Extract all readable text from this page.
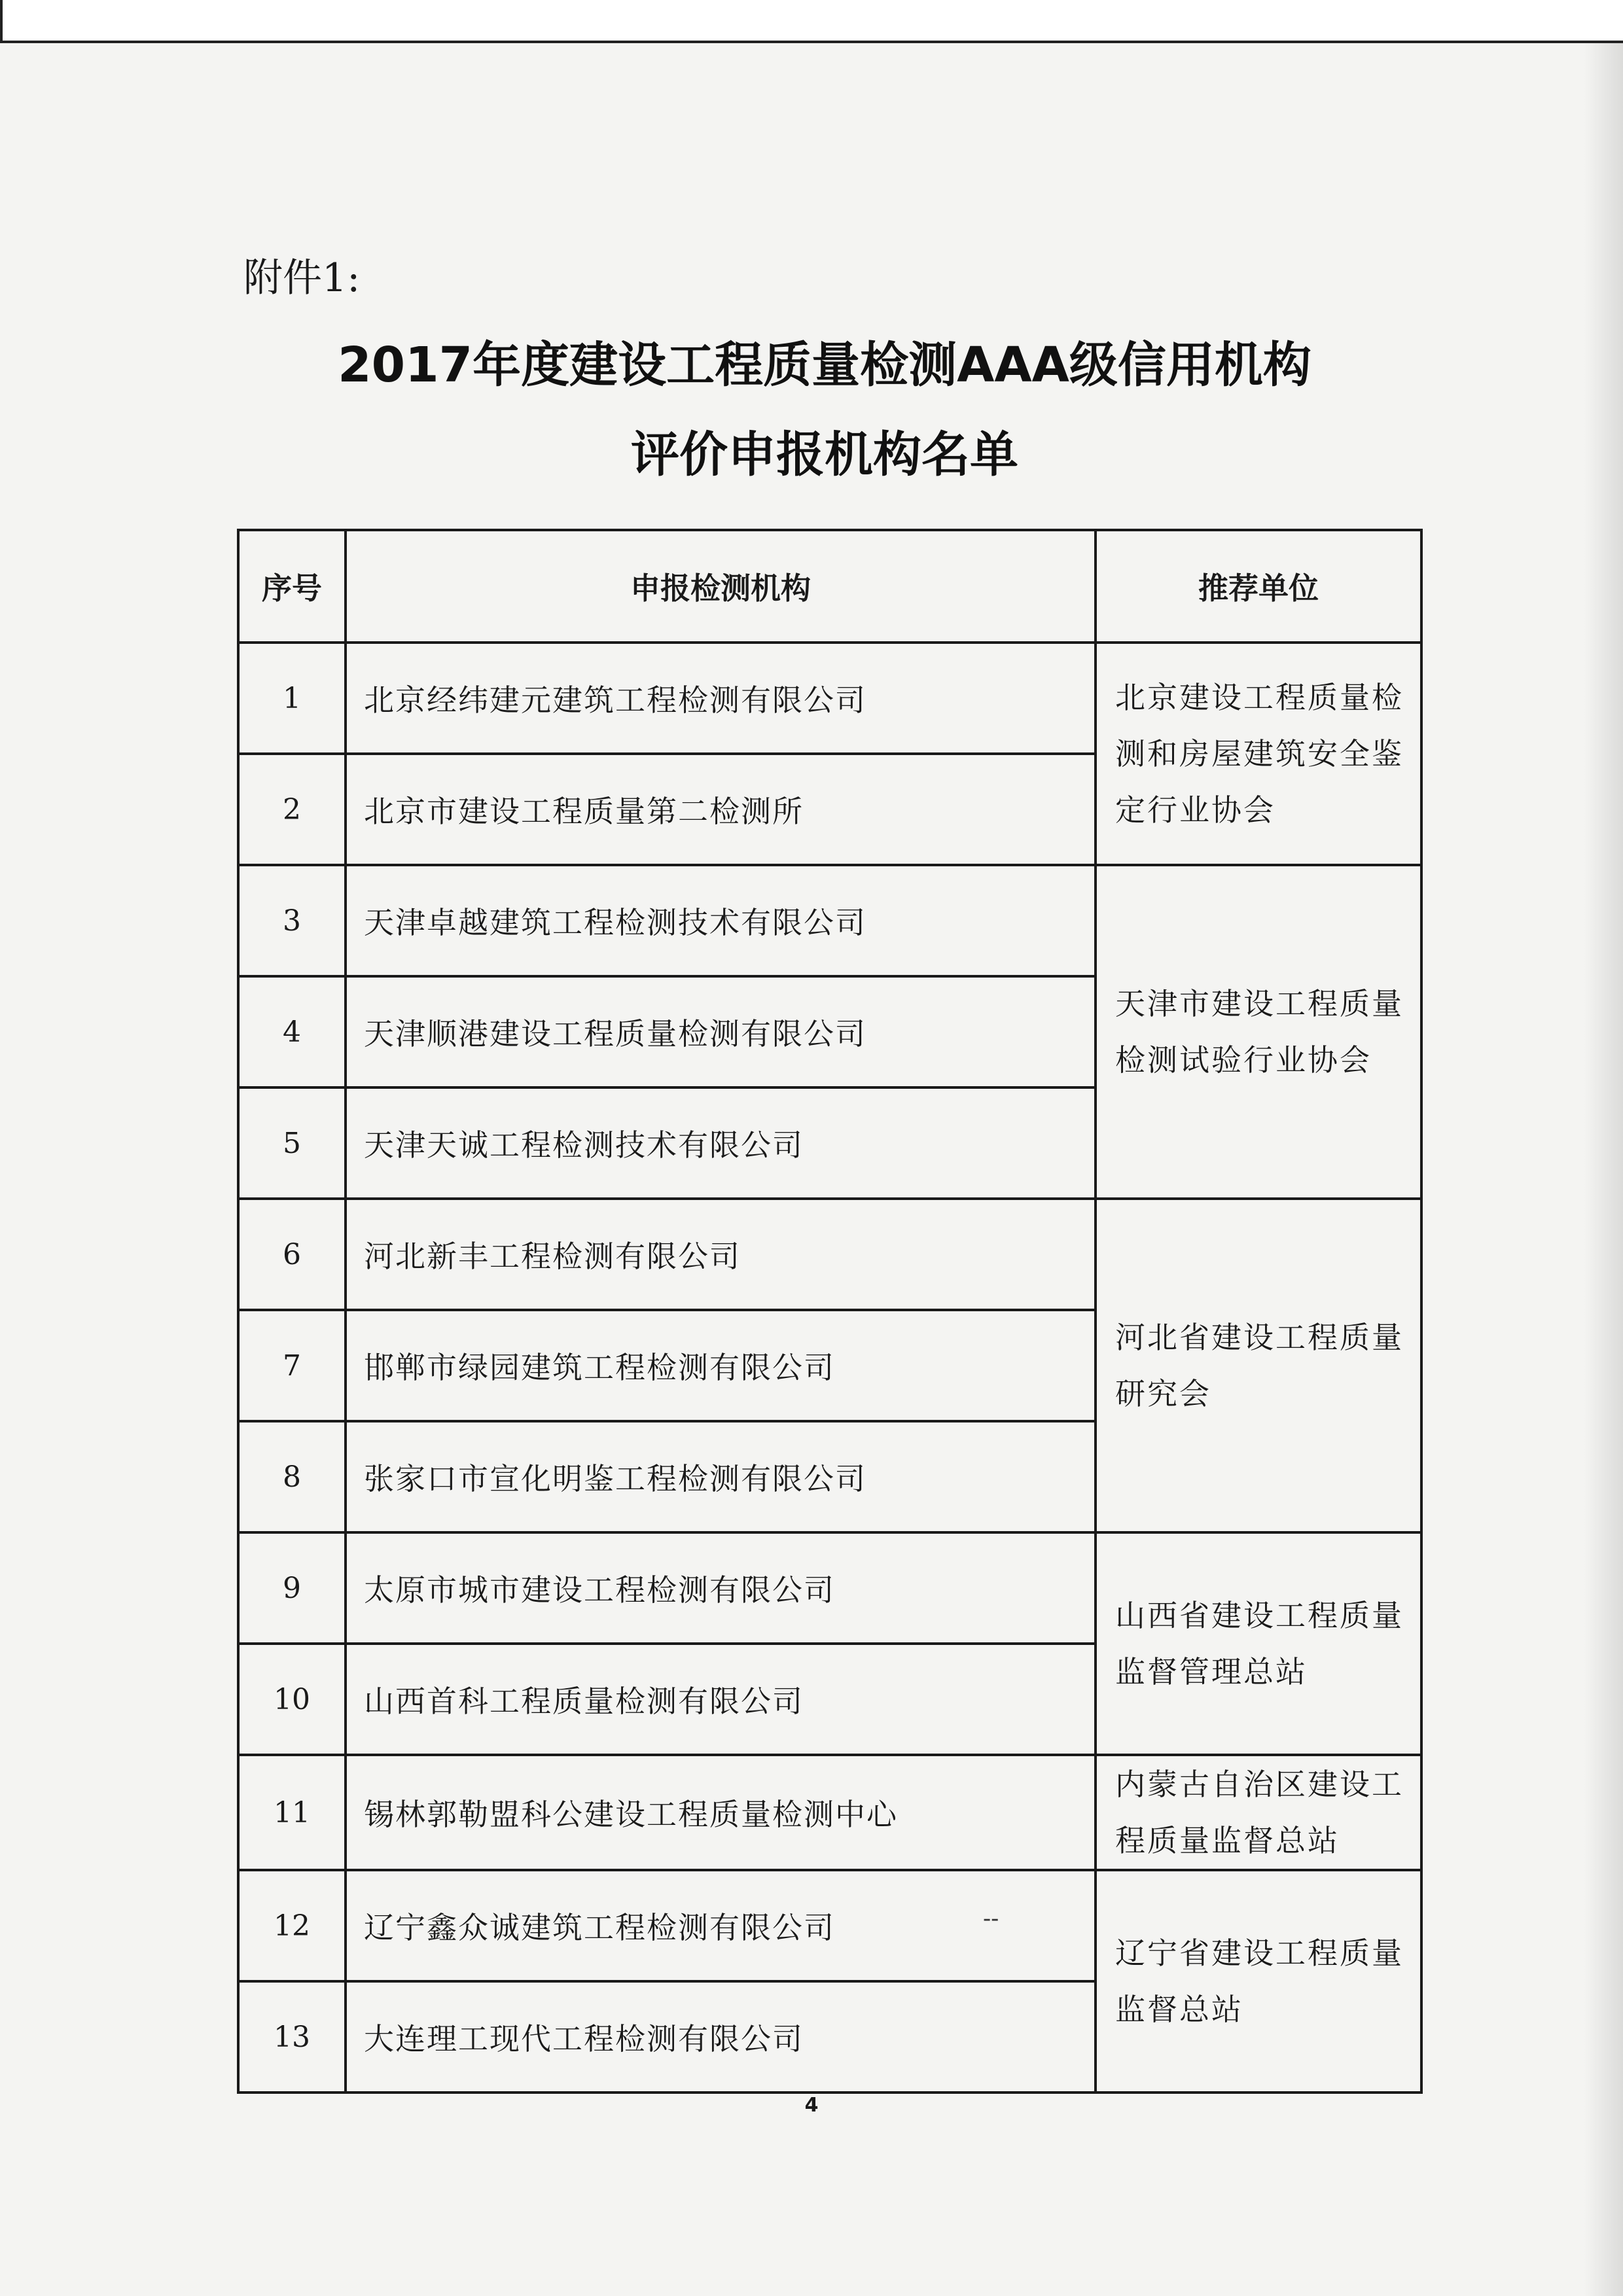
附件1:
2017年度建设工程质量检测AAA级信用机构
评价申报机构名单
序号	申报检测机构	推荐单位
1	北京经纬建元建筑工程检测有限公司	北京建设工程质量检测和房屋建筑安全鉴定行业协会
2	北京市建设工程质量第二检测所	
3	天津卓越建筑工程检测技术有限公司	天津市建设工程质量检测试验行业协会
4	天津顺港建设工程质量检测有限公司	
5	天津天诚工程检测技术有限公司	
6	河北新丰工程检测有限公司	河北省建设工程质量研究会
7	邯郸市绿园建筑工程检测有限公司	
8	张家口市宣化明鉴工程检测有限公司	
9	太原市城市建设工程检测有限公司	山西省建设工程质量监督管理总站
10	山西首科工程质量检测有限公司	
11	锡林郭勒盟科公建设工程质量检测中心	内蒙古自治区建设工程质量监督总站
12	辽宁鑫众诚建筑工程检测有限公司	辽宁省建设工程质量监督总站
13	大连理工现代工程检测有限公司	
--
4
